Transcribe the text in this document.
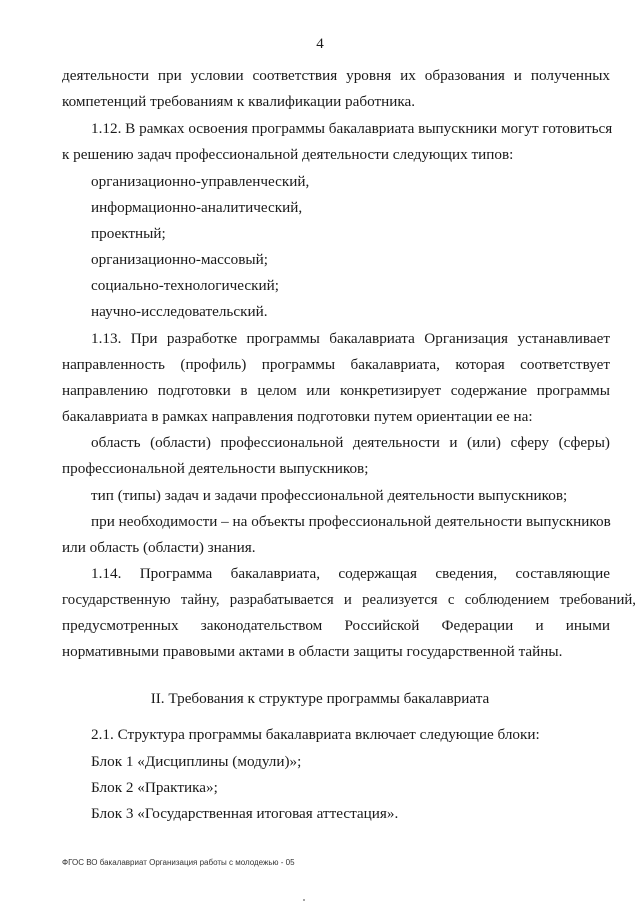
4
деятельности при условии соответствия уровня их образования и полученных
компетенций требованиям к квалификации работника.
1.12. В рамках освоения программы бакалавриата выпускники могут готовиться
к решению задач профессиональной деятельности следующих типов:
организационно-управленческий,
информационно-аналитический,
проектный;
организационно-массовый;
социально-технологический;
научно-исследовательский.
1.13. При разработке программы бакалавриата Организация устанавливает
направленность (профиль) программы бакалавриата, которая соответствует
направлению подготовки в целом или конкретизирует содержание программы
бакалавриата в рамках направления подготовки путем ориентации ее на:
область (области) профессиональной деятельности и (или) сферу (сферы)
профессиональной деятельности выпускников;
тип (типы) задач и задачи профессиональной деятельности выпускников;
при необходимости – на объекты профессиональной деятельности выпускников
или область (области) знания.
1.14. Программа бакалавриата, содержащая сведения, составляющие
государственную тайну, разрабатывается и реализуется с соблюдением требований,
предусмотренных законодательством Российской Федерации и иными
нормативными правовыми актами в области защиты государственной тайны.
II. Требования к структуре программы бакалавриата
2.1. Структура программы бакалавриата включает следующие блоки:
Блок 1 «Дисциплины (модули)»;
Блок 2 «Практика»;
Блок 3 «Государственная итоговая аттестация».
ФГОС ВО бакалавриат Организация работы с молодежью - 05
